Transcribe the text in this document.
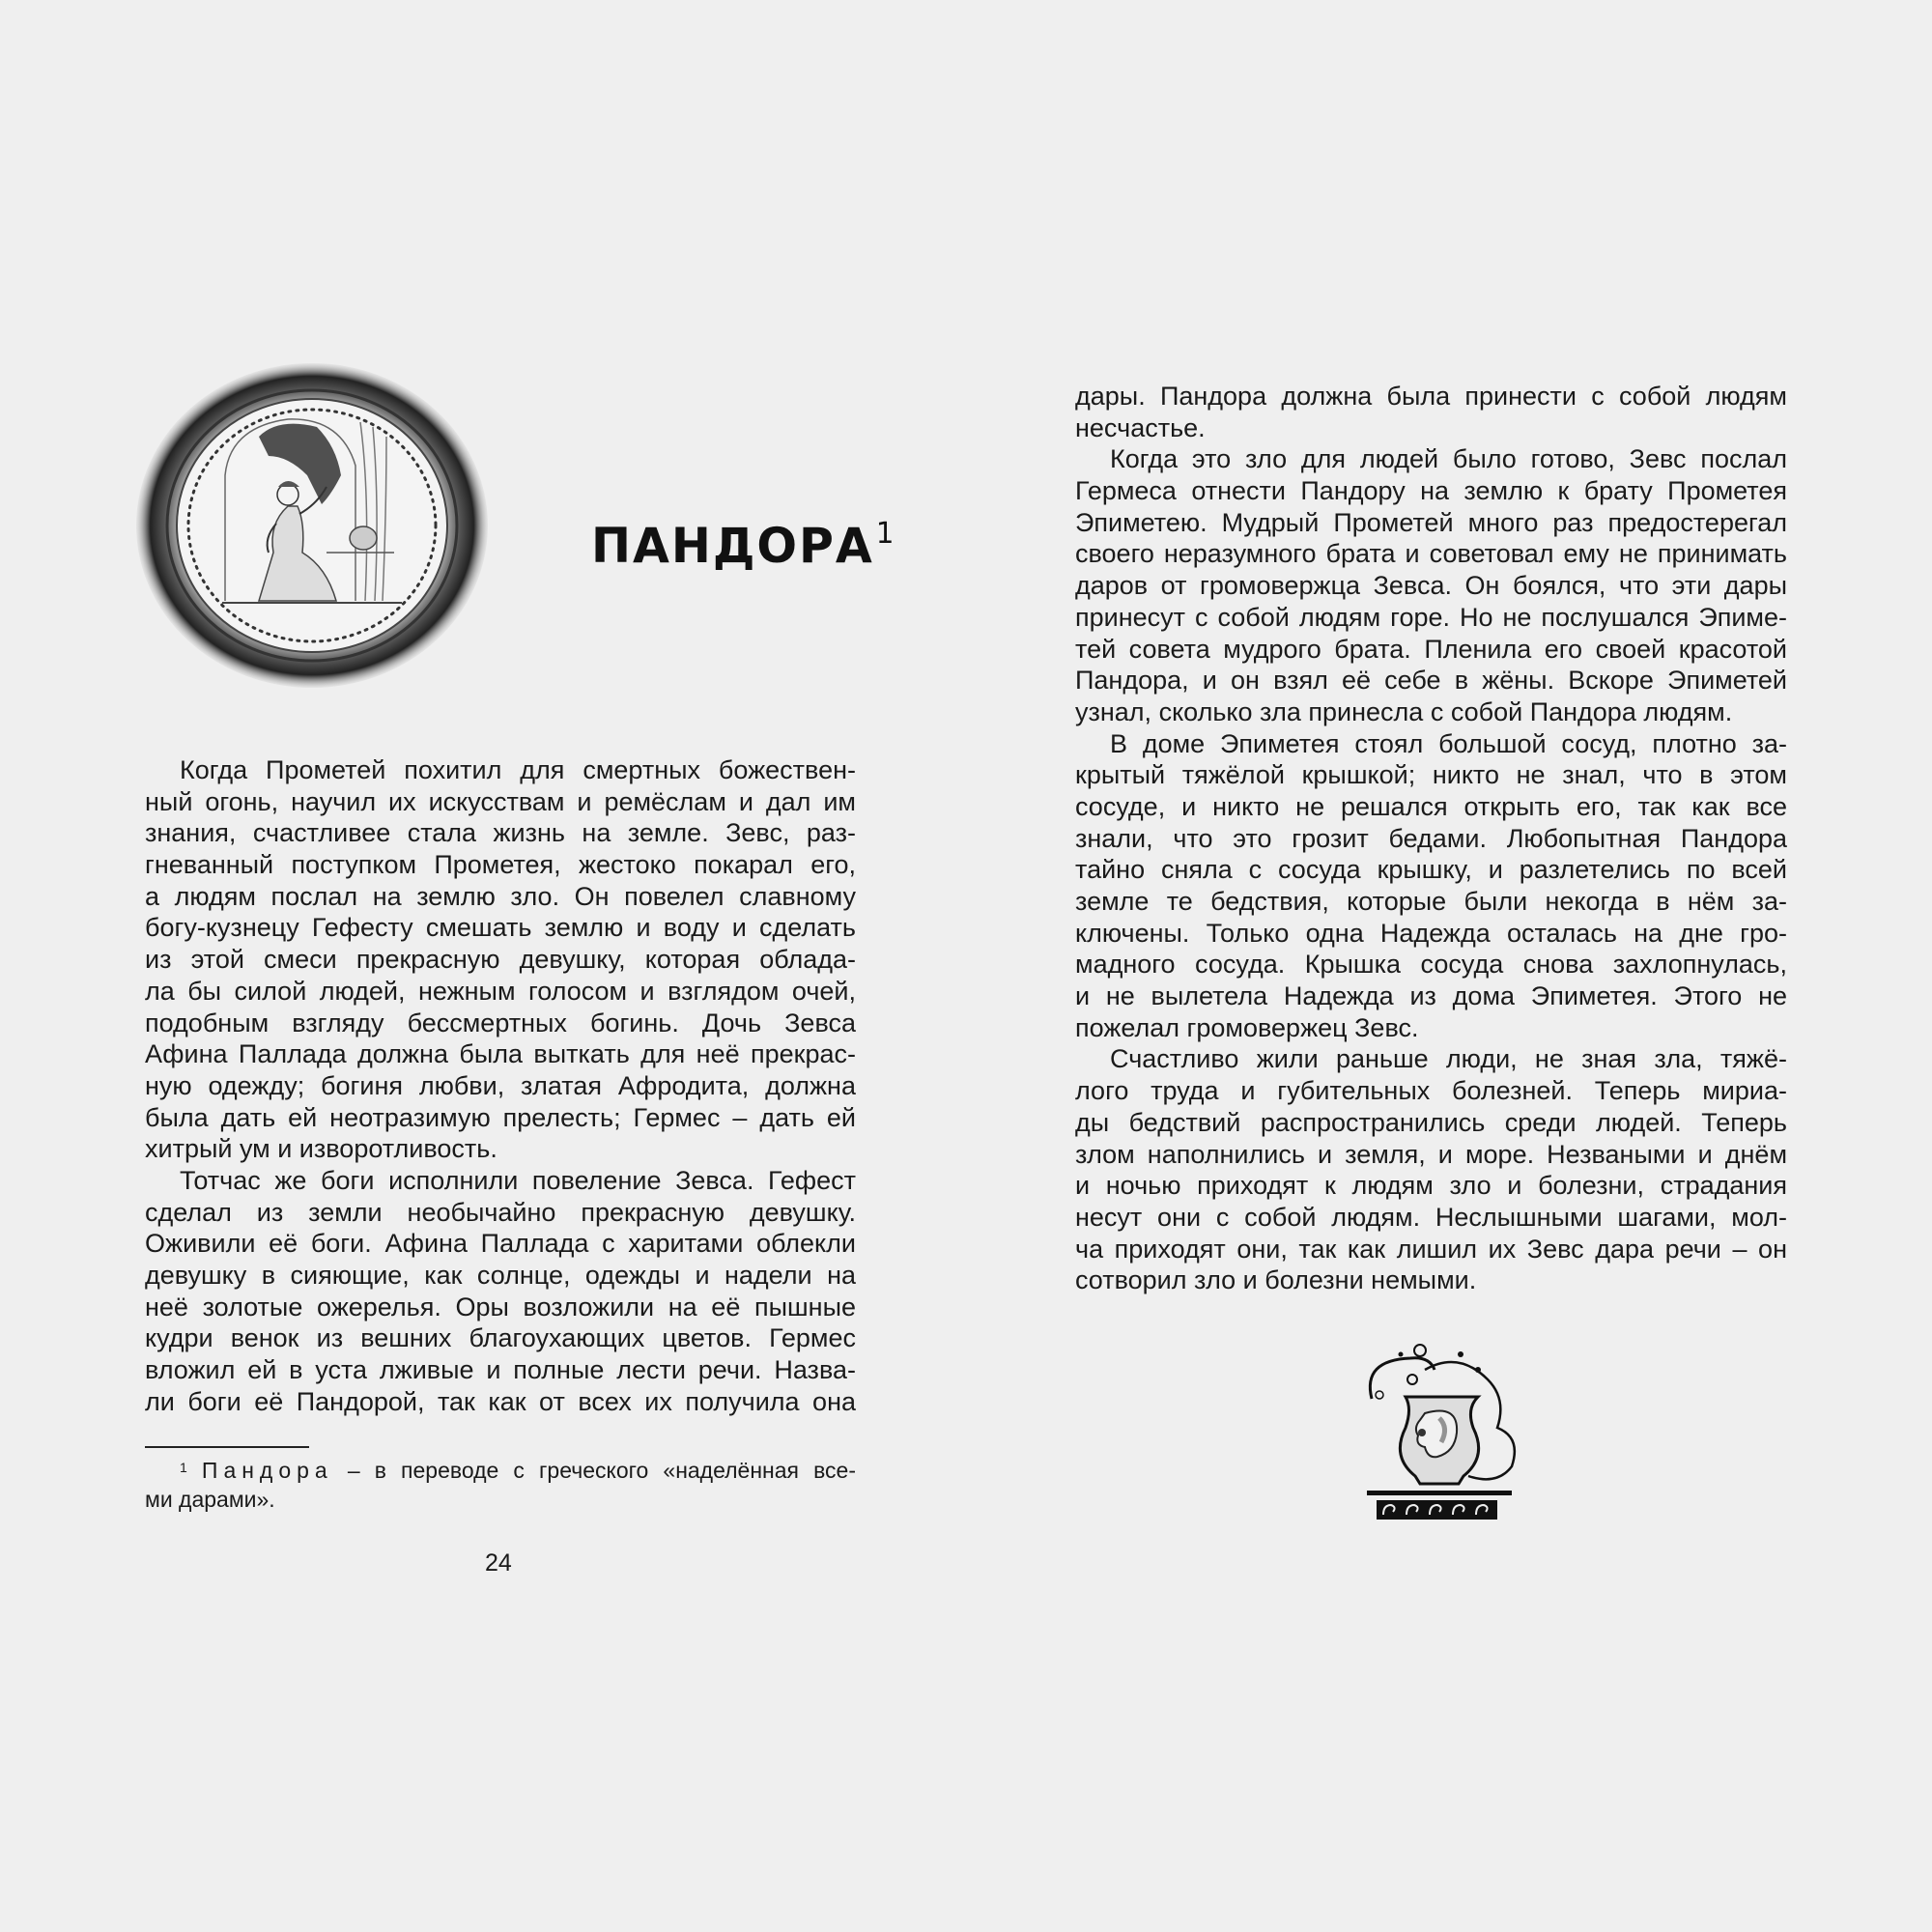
ПАНДОРА$^1$
Когда Прометей похитил для смертных божествен-
ный огонь, научил их искусствам и ремёслам и дал им
знания, счастливее стала жизнь на земле. Зевс, раз-
гневанный поступком Прометея, жестоко покарал его,
а людям послал на землю зло. Он повелел славному
богу-кузнецу Гефесту смешать землю и воду и сделать
из этой смеси прекрасную девушку, которая облада-
ла бы силой людей, нежным голосом и взглядом очей,
подобным взгляду бессмертных богинь. Дочь Зевса
Афина Паллада должна была выткать для неё прекрас-
ную одежду; богиня любви, златая Афродита, должна
была дать ей неотразимую прелесть; Гермес – дать ей
хитрый ум и изворотливость.
Тотчас же боги исполнили повеление Зевса. Гефест
сделал из земли необычайно прекрасную девушку.
Оживили её боги. Афина Паллада с харитами облекли
девушку в сияющие, как солнце, одежды и надели на
неё золотые ожерелья. Оры возложили на её пышные
кудри венок из вешних благоухающих цветов. Гермес
вложил ей в уста лживые и полные лести речи. Назва-
ли боги её Пандорой, так как от всех их получила она
$^1$ Пандора – в переводе с греческого «наделённая все-
ми дарами».
24
дары. Пандора должна была принести с собой людям
несчастье.
Когда это зло для людей было готово, Зевс послал
Гермеса отнести Пандору на землю к брату Прометея
Эпиметею. Мудрый Прометей много раз предостерегал
своего неразумного брата и советовал ему не принимать
даров от громовержца Зевса. Он боялся, что эти дары
принесут с собой людям горе. Но не послушался Эпиме-
тей совета мудрого брата. Пленила его своей красотой
Пандора, и он взял её себе в жёны. Вскоре Эпиметей
узнал, сколько зла принесла с собой Пандора людям.
В доме Эпиметея стоял большой сосуд, плотно за-
крытый тяжёлой крышкой; никто не знал, что в этом
сосуде, и никто не решался открыть его, так как все
знали, что это грозит бедами. Любопытная Пандора
тайно сняла с сосуда крышку, и разлетелись по всей
земле те бедствия, которые были некогда в нём за-
ключены. Только одна Надежда осталась на дне гро-
мадного сосуда. Крышка сосуда снова захлопнулась,
и не вылетела Надежда из дома Эпиметея. Этого не
пожелал громовержец Зевс.
Счастливо жили раньше люди, не зная зла, тяжё-
лого труда и губительных болезней. Теперь мириа-
ды бедствий распространились среди людей. Теперь
злом наполнились и земля, и море. Незваными и днём
и ночью приходят к людям зло и болезни, страдания
несут они с собой людям. Неслышными шагами, мол-
ча приходят они, так как лишил их Зевс дара речи – он
сотворил зло и болезни немыми.
